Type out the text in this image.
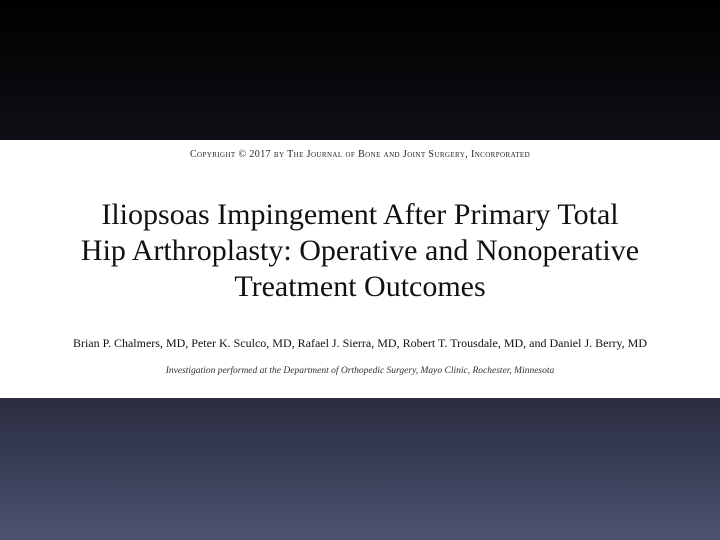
Copyright © 2017 by The Journal of Bone and Joint Surgery, Incorporated
Iliopsoas Impingement After Primary Total
Hip Arthroplasty: Operative and Nonoperative
Treatment Outcomes
Brian P. Chalmers, MD, Peter K. Sculco, MD, Rafael J. Sierra, MD, Robert T. Trousdale, MD, and Daniel J. Berry, MD
Investigation performed at the Department of Orthopedic Surgery, Mayo Clinic, Rochester, Minnesota
